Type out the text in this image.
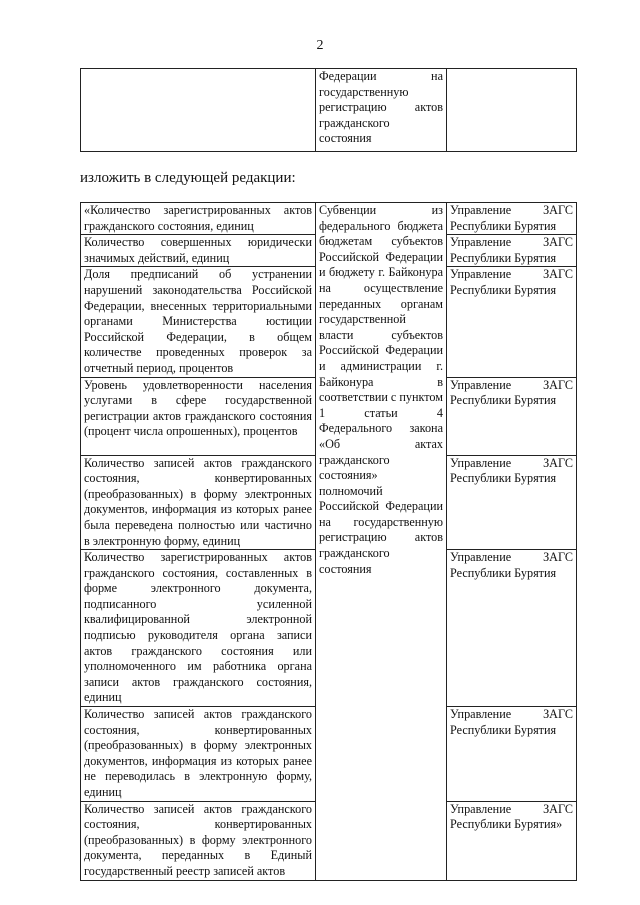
2
	Федерации на государственную регистрацию актов гражданского состояния	
изложить в следующей редакции:
«Количество зарегистрированных актов гражданского состояния, единиц	Субвенции из федерального бюджета бюджетам субъектов Российской Федерации и бюджету г. Байконура на осуществление переданных органам государственной власти субъектов Российской Федерации и администрации г. Байконура в соответствии с пунктом 1 статьи 4 Федерального закона «Об актах гражданского состояния» полномочий Российской Федерации на государственную регистрацию актов гражданского состояния	Управление ЗАГС Республики Бурятия
Количество совершенных юридически значимых действий, единиц		Управление ЗАГС Республики Бурятия
Доля предписаний об устранении нарушений законодательства Российской Федерации, внесенных территориальными органами Министерства юстиции Российской Федерации, в общем количестве проведенных проверок за отчетный период, процентов		Управление ЗАГС Республики Бурятия
Уровень удовлетворенности населения услугами в сфере государственной регистрации актов гражданского состояния (процент числа опрошенных), процентов		Управление ЗАГС Республики Бурятия
Количество записей актов гражданского состояния, конвертированных (преобразованных) в форму электронных документов, информация из которых ранее была переведена полностью или частично в электронную форму, единиц		Управление ЗАГС Республики Бурятия
Количество зарегистрированных актов гражданского состояния, составленных в форме электронного документа, подписанного усиленной квалифицированной электронной подписью руководителя органа записи актов гражданского состояния или уполномоченного им работника органа записи актов гражданского состояния, единиц		Управление ЗАГС Республики Бурятия
Количество записей актов гражданского состояния, конвертированных (преобразованных) в форму электронных документов, информация из которых ранее не переводилась в электронную форму, единиц		Управление ЗАГС Республики Бурятия
Количество записей актов гражданского состояния, конвертированных (преобразованных) в форму электронного документа, переданных в Единый государственный реестр записей актов		Управление ЗАГС Республики Бурятия»
